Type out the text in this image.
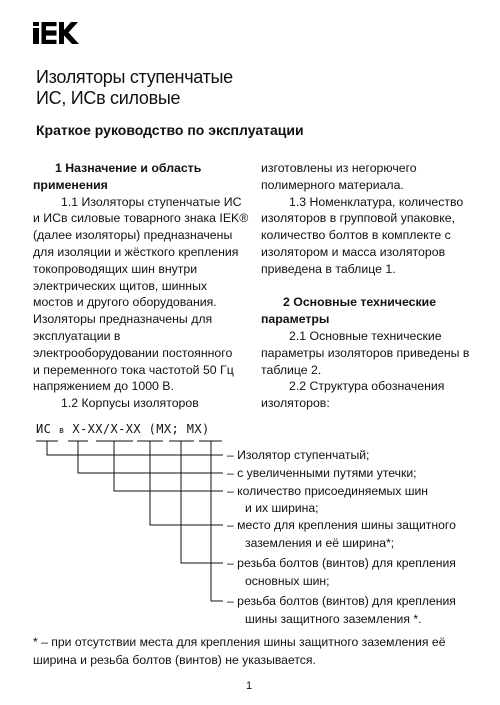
Изоляторы ступенчатые
ИС, ИСв силовые
Краткое руководство по эксплуатации
1 Назначение и область
применения
1.1 Изоляторы ступенчатые ИС
и ИСв силовые товарного знака IEK®
(далее изоляторы) предназначены
для изоляции и жёсткого крепления
токопроводящих шин внутри
электрических щитов, шинных
мостов и другого оборудования.
Изоляторы предназначены для
эксплуатации в
электрооборудовании постоянного
и переменного тока частотой 50 Гц
напряжением до 1000 В.
1.2 Корпусы изоляторов
изготовлены из негорючего
полимерного материала.
1.3 Номенклатура, количество
изоляторов в групповой упаковке,
количество болтов в комплекте с
изолятором и масса изоляторов
приведена в таблице 1.
2 Основные технические
параметры
2.1 Основные технические
параметры изоляторов приведены в
таблице 2.
2.2 Структура обозначения
изоляторов:
ИС в Х-ХХ/Х-ХХ (МХ; МХ)
– Изолятор ступенчатый;
– с увеличенными путями утечки;
– количество присоединяемых шин
и их ширина;
– место для крепления шины защитного
заземления и её ширина*;
– резьба болтов (винтов) для крепления
основных шин;
– резьба болтов (винтов) для крепления
шины защитного заземления *.
* – при отсутствии места для крепления шины защитного заземления её
ширина и резьба болтов (винтов) не указывается.
1
